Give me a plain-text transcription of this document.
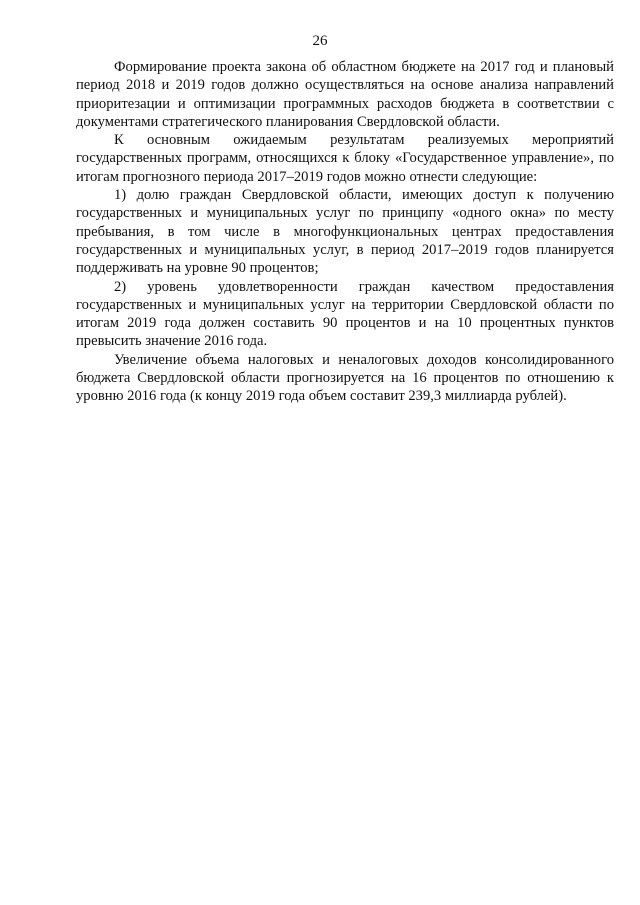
26

Формирование проекта закона об областном бюджете на 2017 год и плановый период 2018 и 2019 годов должно осуществляться на основе анализа направлений приоритезации и оптимизации программных расходов бюджета в соответствии с документами стратегического планирования Свердловской области.

К основным ожидаемым результатам реализуемых мероприятий государственных программ, относящихся к блоку «Государственное управление», по итогам прогнозного периода 2017–2019 годов можно отнести следующие:

1) долю граждан Свердловской области, имеющих доступ к получению государственных и муниципальных услуг по принципу «одного окна» по месту пребывания, в том числе в многофункциональных центрах предоставления государственных и муниципальных услуг, в период 2017–2019 годов планируется поддерживать на уровне 90 процентов;

2) уровень удовлетворенности граждан качеством предоставления государственных и муниципальных услуг на территории Свердловской области по итогам 2019 года должен составить 90 процентов и на 10 процентных пунктов превысить значение 2016 года.

Увеличение объема налоговых и неналоговых доходов консолидированного бюджета Свердловской области прогнозируется на 16 процентов по отношению к уровню 2016 года (к концу 2019 года объем составит 239,3 миллиарда рублей).
